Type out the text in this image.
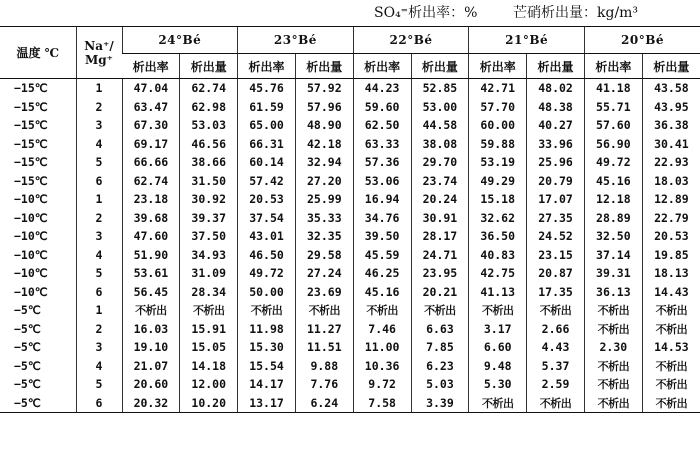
SO₄⁼析出率：%	芒硝析出量：kg/m³
温度 ℃	Na⁺/ Mg⁺	24°Bé		23°Bé		22°Bé		21°Bé		20°Bé	
		析出率	析出量	析出率	析出量	析出率	析出量	析出率	析出量	析出率	析出量
−15℃	1	47.04	62.74	45.76	57.92	44.23	52.85	42.71	48.02	41.18	43.58
−15℃	2	63.47	62.98	61.59	57.96	59.60	53.00	57.70	48.38	55.71	43.95
−15℃	3	67.30	53.03	65.00	48.90	62.50	44.58	60.00	40.27	57.60	36.38
−15℃	4	69.17	46.56	66.31	42.18	63.33	38.08	59.88	33.96	56.90	30.41
−15℃	5	66.66	38.66	60.14	32.94	57.36	29.70	53.19	25.96	49.72	22.93
−15℃	6	62.74	31.50	57.42	27.20	53.06	23.74	49.29	20.79	45.16	18.03
−10℃	1	23.18	30.92	20.53	25.99	16.94	20.24	15.18	17.07	12.18	12.89
−10℃	2	39.68	39.37	37.54	35.33	34.76	30.91	32.62	27.35	28.89	22.79
−10℃	3	47.60	37.50	43.01	32.35	39.50	28.17	36.50	24.52	32.50	20.53
−10℃	4	51.90	34.93	46.50	29.58	45.59	24.71	40.83	23.15	37.14	19.85
−10℃	5	53.61	31.09	49.72	27.24	46.25	23.95	42.75	20.87	39.31	18.13
−10℃	6	56.45	28.34	50.00	23.69	45.16	20.21	41.13	17.35	36.13	14.43
−5℃	1	不析出	不析出	不析出	不析出	不析出	不析出	不析出	不析出	不析出	不析出
−5℃	2	16.03	15.91	11.98	11.27	7.46	6.63	3.17	2.66	不析出	不析出
−5℃	3	19.10	15.05	15.30	11.51	11.00	7.85	6.60	4.43	2.30	14.53
−5℃	4	21.07	14.18	15.54	9.88	10.36	6.23	9.48	5.37	不析出	不析出
−5℃	5	20.60	12.00	14.17	7.76	9.72	5.03	5.30	2.59	不析出	不析出
−5℃	6	20.32	10.20	13.17	6.24	7.58	3.39	不析出	不析出	不析出	不析出
